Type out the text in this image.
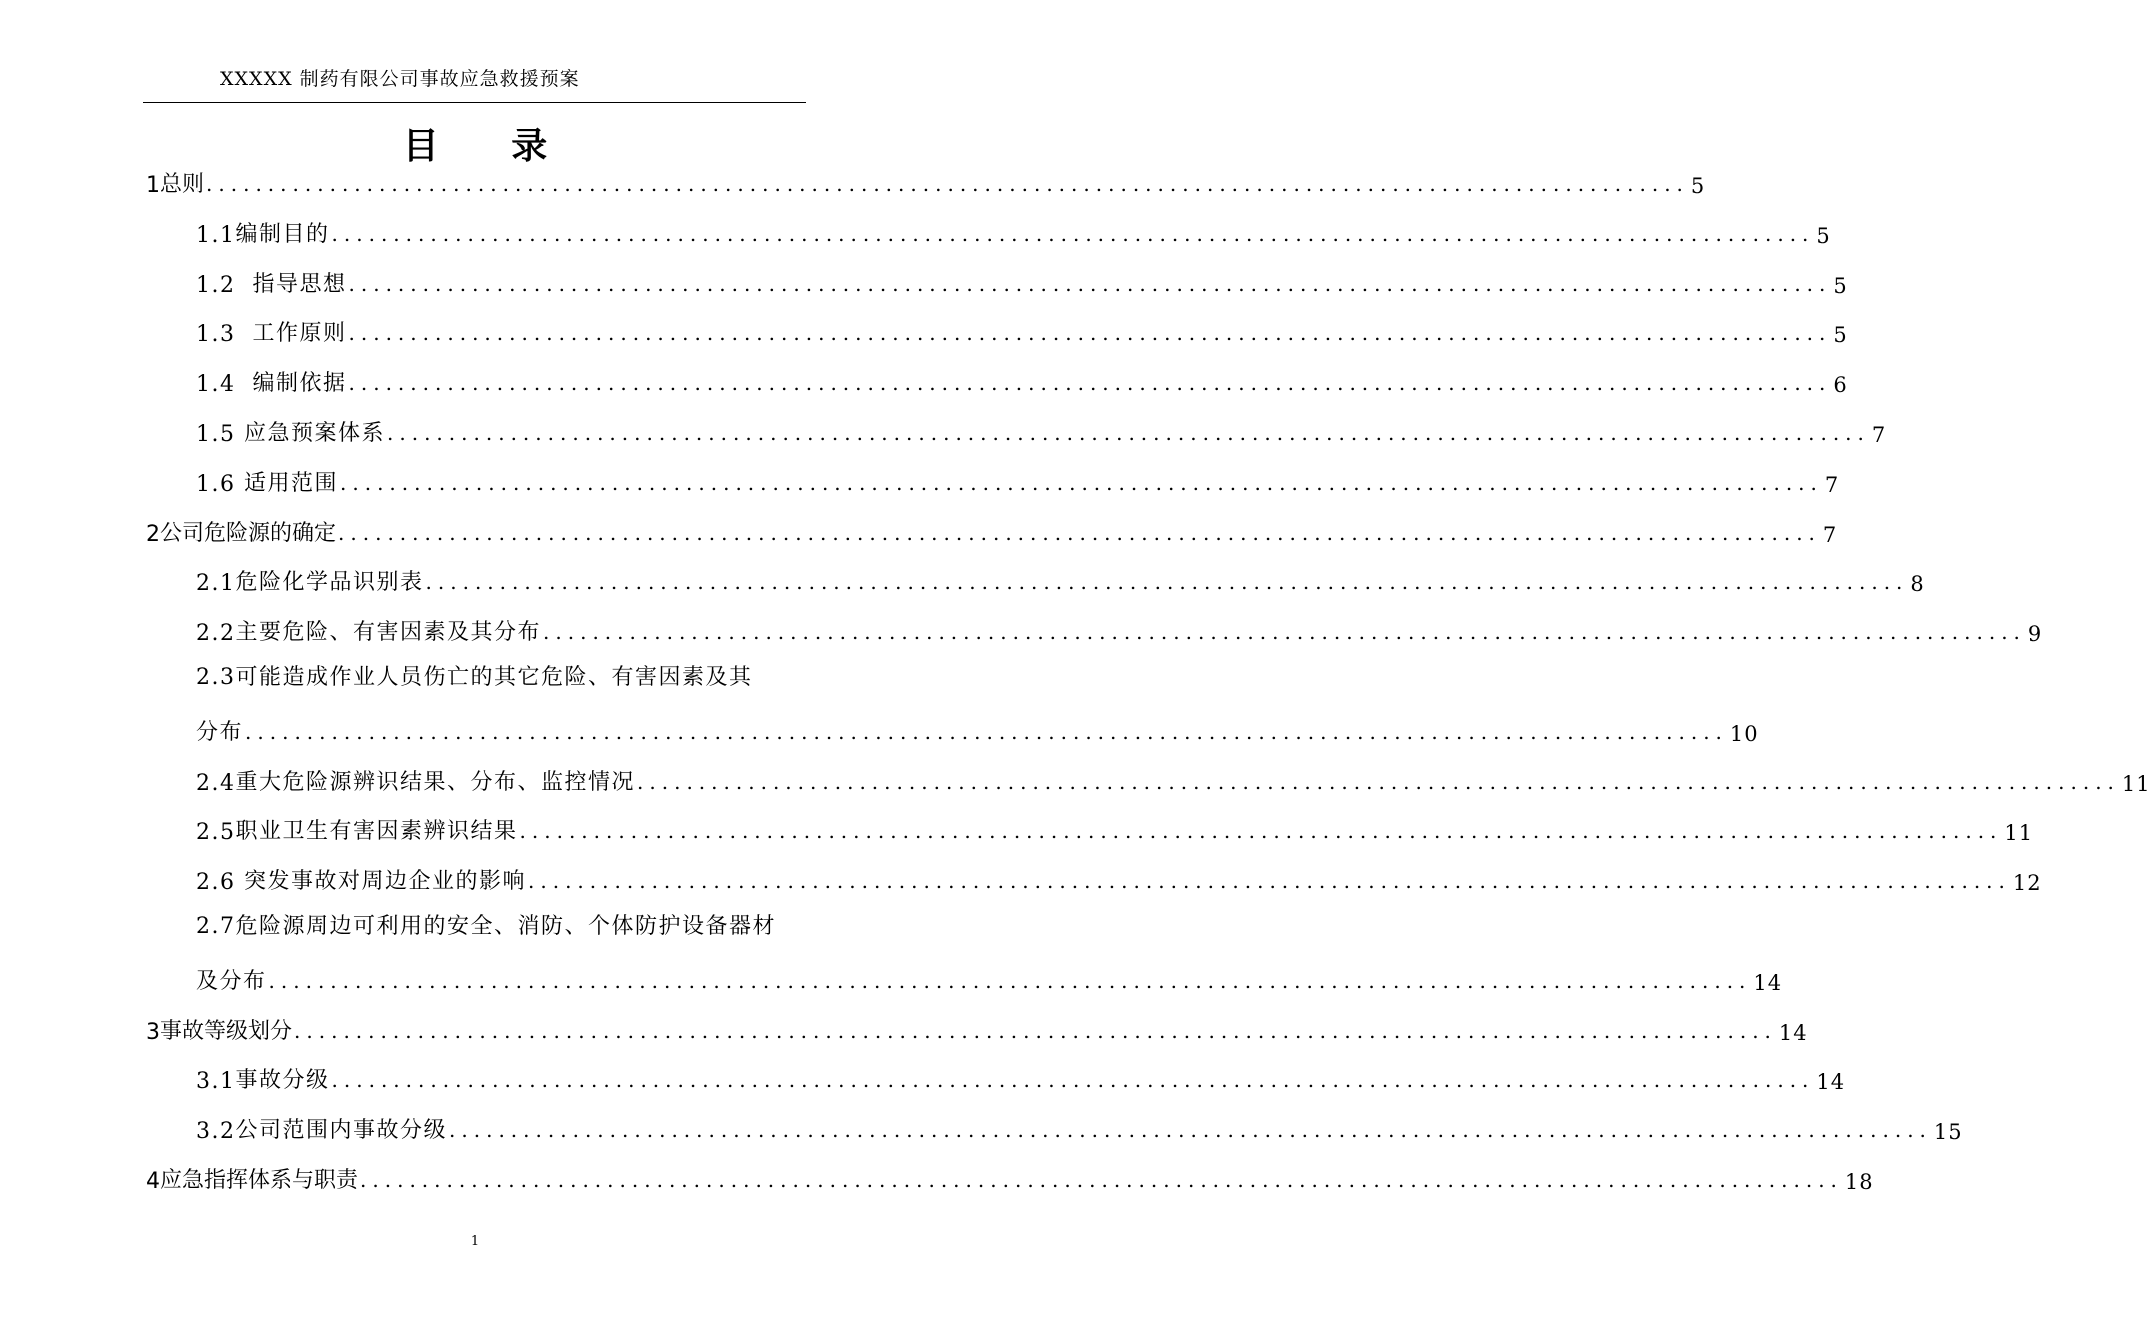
XXXXX 制药有限公司事故应急救援预案
目 录
1 总则 ........................................................................................................................ 5
1.1 编制目的 ........................................................................................................................ 5
1.2 指导思想 ........................................................................................................................ 5
1.3 工作原则 ........................................................................................................................ 5
1.4 编制依据 ........................................................................................................................ 6
1.5 应急预案体系 ........................................................................................................................ 7
1.6 适用范围 ........................................................................................................................ 7
2 公司危险源的确定 ........................................................................................................................ 7
2.1 危险化学品识别表 ........................................................................................................................ 8
2.2 主要危险、有害因素及其分布 ........................................................................................................................ 9
2.3可能造成作业人员伤亡的其它危险、有害因素及其
分布 ........................................................................................................................ 10
2.4 重大危险源辨识结果、分布、监控情况 ........................................................................................................................ 11
2.5 职业卫生有害因素辨识结果 ........................................................................................................................ 11
2.6 突发事故对周边企业的影响 ........................................................................................................................ 12
2.7危险源周边可利用的安全、消防、个体防护设备器材
及分布 ........................................................................................................................ 14
3 事故等级划分 ........................................................................................................................ 14
3.1 事故分级 ........................................................................................................................ 14
3.2 公司范围内事故分级 ........................................................................................................................ 15
4 应急指挥体系与职责 ........................................................................................................................ 18
1
